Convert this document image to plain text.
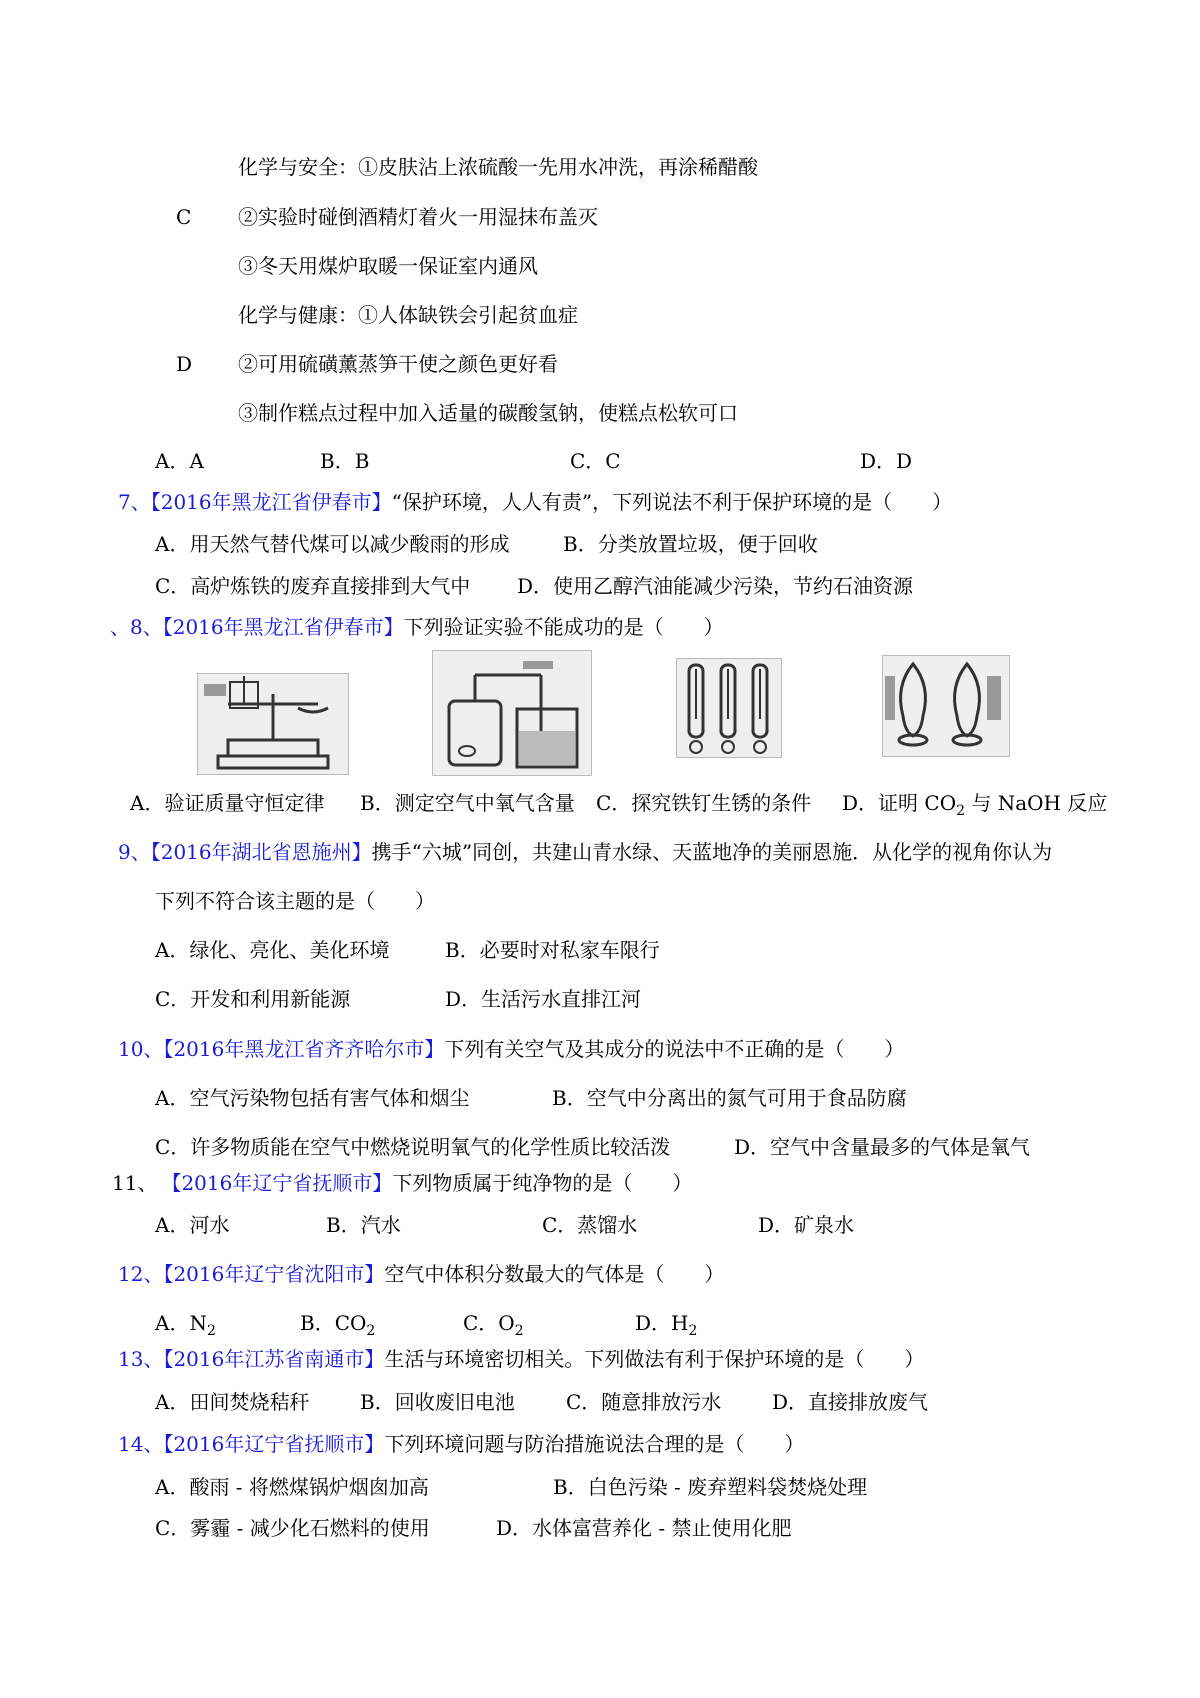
化学与安全：①皮肤沾上浓硫酸一先用水冲洗，再涂稀醋酸
C ②实验时碰倒酒精灯着火一用湿抹布盖灭
③冬天用煤炉取暖一保证室内通风
化学与健康：①人体缺铁会引起贫血症
D ②可用硫磺薰蒸笋干使之颜色更好看
③制作糕点过程中加入适量的碳酸氢钠，使糕点松软可口
A．A	B．B	C．C	D．D
7、【2016年黑龙江省伊春市】“保护环境，人人有责”，下列说法不利于保护环境的是（　　）
A．用天然气替代煤可以减少酸雨的形成	B．分类放置垃圾，便于回收
C．高炉炼铁的废弃直接排到大气中 D．使用乙醇汽油能减少污染，节约石油资源
、8、【2016年黑龙江省伊春市】下列验证实验不能成功的是（　　）
A．验证质量守恒定律 B．测定空气中氧气含量 C．探究铁钉生锈的条件 D．证明 $CO_2$ 与 NaOH 反应
9、【2016年湖北省恩施州】携手“六城”同创，共建山青水绿、天蓝地净的美丽恩施．从化学的视角你认为
下列不符合该主题的是（　　）
A．绿化、亮化、美化环境	B．必要时对私家车限行
C．开发和利用新能源	D．生活污水直排江河
10、【2016年黑龙江省齐齐哈尔市】下列有关空气及其成分的说法中不正确的是（　　）
A．空气污染物包括有害气体和烟尘	B．空气中分离出的氮气可用于食品防腐
C．许多物质能在空气中燃烧说明氧气的化学性质比较活泼	D．空气中含量最多的气体是氧气
11、 【2016年辽宁省抚顺市】下列物质属于纯净物的是（　　）
A．河水	B．汽水	C．蒸馏水	D．矿泉水
12、【2016年辽宁省沈阳市】空气中体积分数最大的气体是（　　）
A．$N_2$	B．$CO_2$	C．$O_2$	D．$H_2$
13、【2016年江苏省南通市】生活与环境密切相关。下列做法有利于保护环境的是（　　）
A．田间焚烧秸秆	B．回收废旧电池	C．随意排放污水	D．直接排放废气
14、【2016年辽宁省抚顺市】下列环境问题与防治措施说法合理的是（　　）
A．酸雨 - 将燃煤锅炉烟囱加高	B．白色污染 - 废弃塑料袋焚烧处理
C．雾霾 - 减少化石燃料的使用	D．水体富营养化 - 禁止使用化肥
